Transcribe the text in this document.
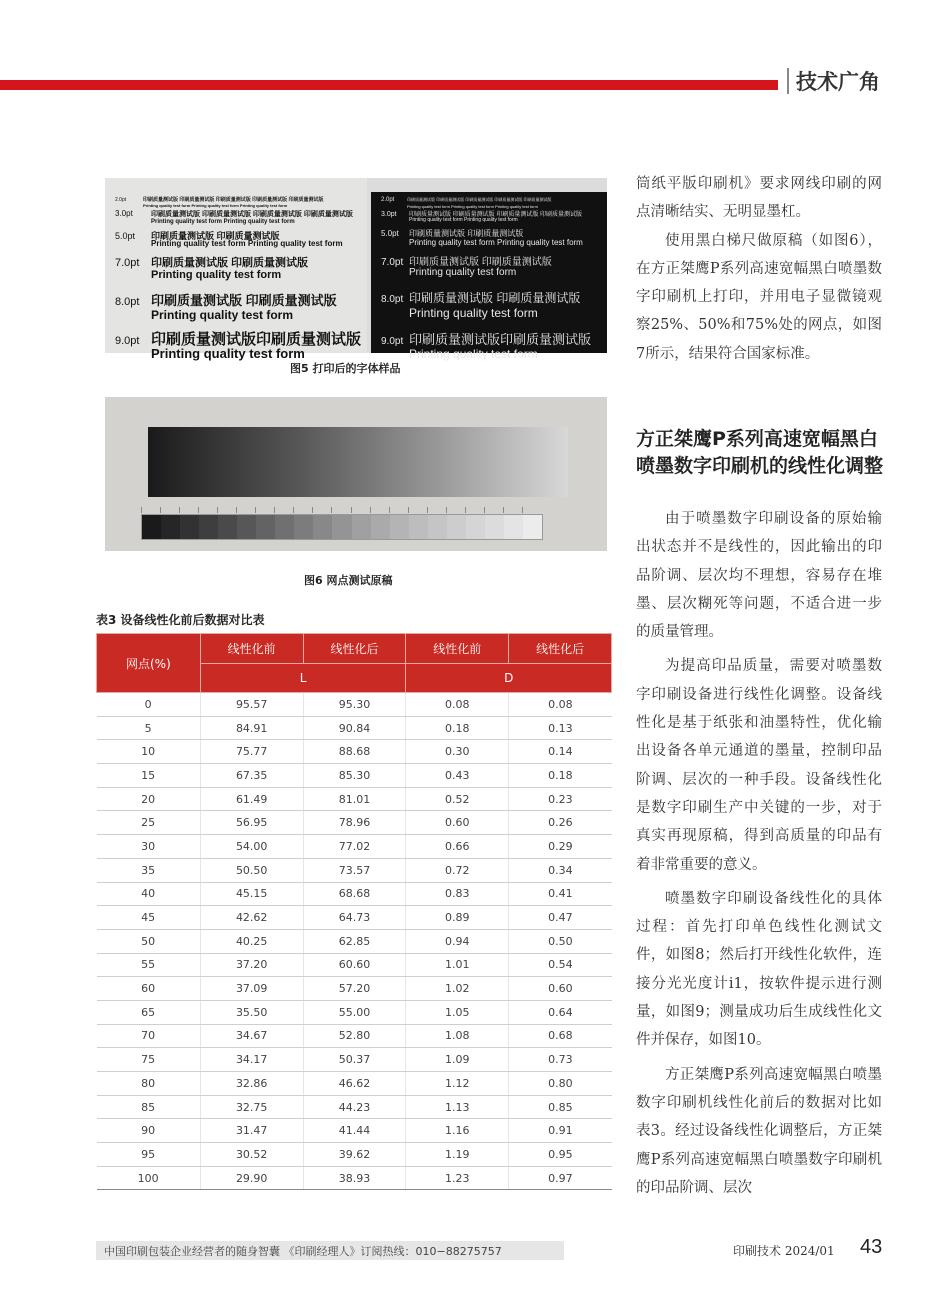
技术广角
2.0pt	印刷质量测试版 印刷质量测试版 印刷质量测试版 印刷质量测试版 印刷质量测试版
Printing quality test form Printing quality test form Printing quality test form
3.0pt	印刷质量测试版 印刷质量测试版 印刷质量测试版 印刷质量测试版
Printing quality test form Printing quality test form
5.0pt 印刷质量测试版 印刷质量测试版
Printing quality test form Printing quality test form
7.0pt 印刷质量测试版 印刷质量测试版
Printing quality test form
8.0pt 印刷质量测试版 印刷质量测试版
Printing quality test form
9.0pt 印刷质量测试版印刷质量测试版
Printing quality test form
2.0pt	印刷质量测试版 印刷质量测试版 印刷质量测试版 印刷质量测试版 印刷质量测试版
Printing quality test form Printing quality test form Printing quality test form
3.0pt 印刷质量测试版 印刷质量测试版 印刷质量测试版 印刷质量测试版
Printing quality test form Printing quality test form
5.0pt 印刷质量测试版 印刷质量测试版
Printing quality test form Printing quality test form
7.0pt 印刷质量测试版 印刷质量测试版
Printing quality test form
8.0pt 印刷质量测试版 印刷质量测试版
Printing quality test form
9.0pt 印刷质量测试版印刷质量测试版
Printing quality test form
图5 打印后的字体样品
图6 网点测试原稿
表3 设备线性化前后数据对比表
网点(%)	线性化前	线性化后	线性化前	线性化后
	L		D	
0	95.57	95.30	0.08	0.08
5	84.91	90.84	0.18	0.13
10	75.77	88.68	0.30	0.14
15	67.35	85.30	0.43	0.18
20	61.49	81.01	0.52	0.23
25	56.95	78.96	0.60	0.26
30	54.00	77.02	0.66	0.29
35	50.50	73.57	0.72	0.34
40	45.15	68.68	0.83	0.41
45	42.62	64.73	0.89	0.47
50	40.25	62.85	0.94	0.50
55	37.20	60.60	1.01	0.54
60	37.09	57.20	1.02	0.60
65	35.50	55.00	1.05	0.64
70	34.67	52.80	1.08	0.68
75	34.17	50.37	1.09	0.73
80	32.86	46.62	1.12	0.80
85	32.75	44.23	1.13	0.85
90	31.47	41.44	1.16	0.91
95	30.52	39.62	1.19	0.95
100	29.90	38.93	1.23	0.97

筒纸平版印刷机》要求网线印刷的网点清晰结实、无明显墨杠。

使用黑白梯尺做原稿（如图6），在方正桀鹰P系列高速宽幅黑白喷墨数字印刷机上打印，并用电子显微镜观察25%、50%和75%处的网点，如图7所示，结果符合国家标准。

方正桀鹰P系列高速宽幅黑白喷墨数字印刷机的线性化调整

由于喷墨数字印刷设备的原始输出状态并不是线性的，因此输出的印品阶调、层次均不理想，容易存在堆墨、层次糊死等问题，不适合进一步的质量管理。

为提高印品质量，需要对喷墨数字印刷设备进行线性化调整。设备线性化是基于纸张和油墨特性，优化输出设备各单元通道的墨量，控制印品阶调、层次的一种手段。设备线性化是数字印刷生产中关键的一步，对于真实再现原稿，得到高质量的印品有着非常重要的意义。

喷墨数字印刷设备线性化的具体过程：首先打印单色线性化测试文件，如图8；然后打开线性化软件，连接分光光度计i1，按软件提示进行测量，如图9；测量成功后生成线性化文件并保存，如图10。

方正桀鹰P系列高速宽幅黑白喷墨数字印刷机线性化前后的数据对比如表3。经过设备线性化调整后，方正桀鹰P系列高速宽幅黑白喷墨数字印刷机的印品阶调、层次

中国印刷包装企业经营者的随身智囊 《印刷经理人》订阅热线：010−88275757	印刷技术 2024/01 43
